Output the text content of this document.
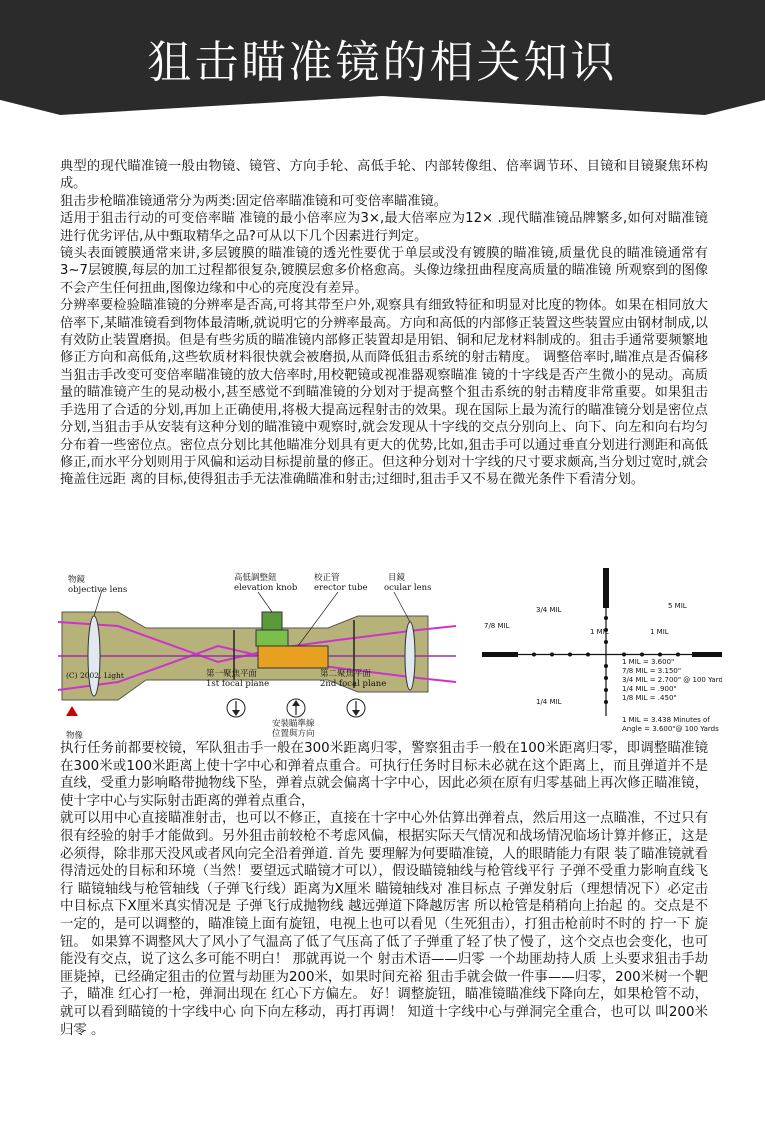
狙击瞄准镜的相关知识
典型的现代瞄准镜一般由物镜、镜管、方向手轮、高低手轮、内部转像组、倍率调节环、目镜和目镜聚焦环构成。
狙击步枪瞄准镜通常分为两类:固定倍率瞄准镜和可变倍率瞄准镜。
适用于狙击行动的可变倍率瞄 准镜的最小倍率应为3×,最大倍率应为12× .现代瞄准镜品牌繁多,如何对瞄准镜进行优劣评估,从中甄取精华之品?可从以下几个因素进行判定。
镜头表面镀膜通常来讲,多层镀膜的瞄准镜的透光性要优于单层或没有镀膜的瞄准镜,质量优良的瞄准镜通常有3~7层镀膜,每层的加工过程都很复杂,镀膜层愈多价格愈高。头像边缘扭曲程度高质量的瞄准镜 所观察到的图像不会产生任何扭曲,图像边缘和中心的亮度没有差异。
分辨率要检验瞄准镜的分辨率是否高,可将其带至户外,观察具有细致特征和明显对比度的物体。如果在相同放大倍率下,某瞄准镜看到物体最清晰,就说明它的分辨率最高。方向和高低的内部修正装置这些装置应由钢材制成,以有效防止装置磨损。但是有些劣质的瞄准镜内部修正装置却是用铝、铜和尼龙材料制成的。狙击手通常要频繁地修正方向和高低角,这些软质材料很快就会被磨损,从而降低狙击系统的射击精度。 调整倍率时,瞄准点是否偏移当狙击手改变可变倍率瞄准镜的放大倍率时,用校靶镜或视准器观察瞄准 镜的十字线是否产生微小的晃动。高质量的瞄准镜产生的晃动极小,甚至感觉不到瞄准镜的分划对于提高整个狙击系统的射击精度非常重要。如果狙击手选用了合适的分划,再加上正确使用,将极大提高远程射击的效果。现在国际上最为流行的瞄准镜分划是密位点分划,当狙击手从安装有这种分划的瞄准镜中观察时,就会发现从十字线的交点分别向上、向下、向左和向右均匀分布着一些密位点。密位点分划比其他瞄准分划具有更大的优势,比如,狙击手可以通过垂直分划进行测距和高低修正,而水平分划则用于风偏和运动目标提前量的修正。但这种分划对十字线的尺寸要求颇高,当分划过宽时,就会掩盖住远距 离的目标,使得狙击手无法准确瞄准和射击;过细时,狙击手又不易在微光条件下看清分划。
物鏡
objective lens
高低調整鈕
elevation knob
校正管
erector tube
目鏡
ocular lens
(C) 2002, Light	第一聚焦平面
1st focal plane
第二聚焦平面
2nd focal plane
安裝瞄準線
位置與方向
物像
3/4 MIL
7/8 MIL
5 MIL
1 MIL	1 MIL
1/4 MIL
1 MIL = 3.600"
7/8 MIL = 3.150"
3/4 MIL = 2.700" @ 100 Yards
1/4 MIL = .900"
1/8 MIL = .450"
1 MIL = 3.438 Minutes of
Angle = 3.600"@ 100 Yards
执行任务前都要校镜，军队狙击手一般在300米距离归零，警察狙击手一般在100米距离归零，即调整瞄准镜在300米或100米距离上使十字中心和弹着点重合。可执行任务时目标未必就在这个距离上，而且弹道并不是直线，受重力影响略带抛物线下坠，弹着点就会偏离十字中心，因此必须在原有归零基础上再次修正瞄准镜，使十字中心与实际射击距离的弹着点重合，
就可以用中心直接瞄准射击，也可以不修正，直接在十字中心外估算出弹着点，然后用这一点瞄准，不过只有很有经验的射手才能做到。另外狙击前较枪不考虑风偏，根据实际天气情况和战场情况临场计算并修正，这是必须得，除非那天没风或者风向完全沿着弹道. 首先 要理解为何要瞄准镜，人的眼睛能力有限 装了瞄准镜就看得清远处的目标和环境（当然！要望远式瞄镜才可以），假设瞄镜轴线与枪管线平行 子弹不受重力影响直线飞行 瞄镜轴线与枪管轴线（子弹飞行线）距离为X厘米 瞄镜轴线对 准目标点 子弹发射后（理想情况下）必定击中目标点下X厘米真实情况是 子弹飞行成抛物线 越远弹道下降越厉害 所以枪管是稍稍向上抬起 的。交点是不一定的，是可以调整的，瞄准镜上面有旋钮，电视上也可以看见（生死狙击），打狙击枪前时不时的 拧一下 旋钮。 如果算不调整风大了风小了气温高了低了气压高了低了子弹重了轻了快了慢了，这个交点也会变化，也可能没有交点，说了这么多可能不明白！ 那就再说一个 射击术语——归零 一个劫匪劫持人质 上头要求狙击手劫匪毙掉，已经确定狙击的位置与劫匪为200米，如果时间充裕 狙击手就会做一件事——归零，200米树一个靶子，瞄准 红心打一枪，弹洞出现在 红心下方偏左。 好！调整旋钮，瞄准镜瞄准线下降向左，如果枪管不动，就可以看到瞄镜的十字线中心 向下向左移动，再打再调！ 知道十字线中心与弹洞完全重合，也可以 叫200米归零 。
